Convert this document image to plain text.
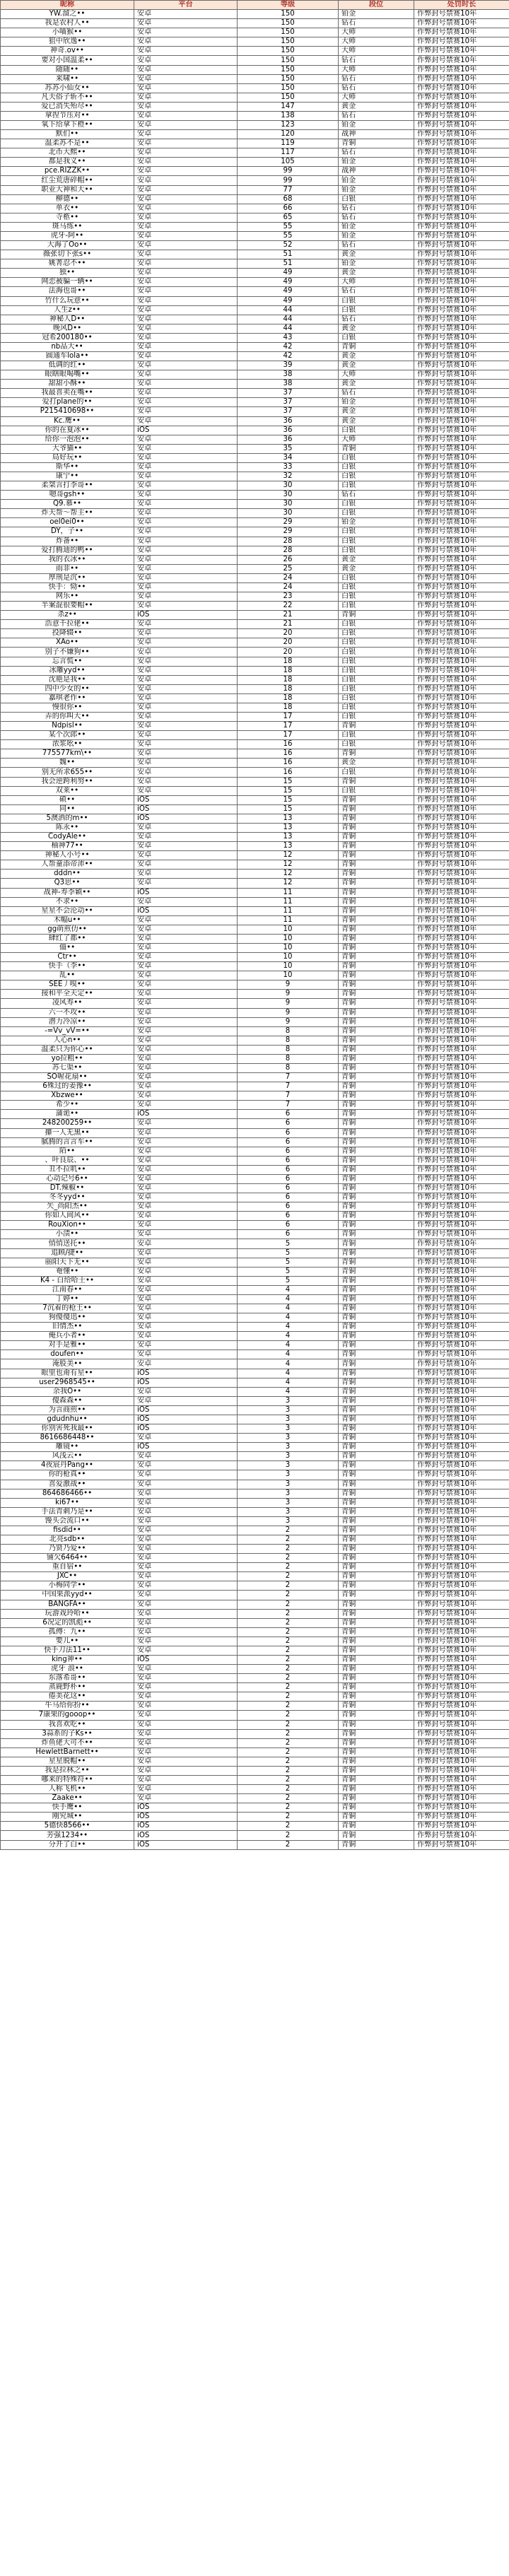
昵称	平台	等级	段位	处罚时长
YW.溜之••	安卓	150	铂金	作弊封号禁赛10年
我是农村人••	安卓	150	钻石	作弊封号禁赛10年
小喵猴••	安卓	150	大师	作弊封号禁赛10年
狙中欣逸••	安卓	150	大师	作弊封号禁赛10年
神奇.ov••	安卓	150	大师	作弊封号禁赛10年
要对小国温柔••	安卓	150	钻石	作弊封号禁赛10年
随随••	安卓	150	大师	作弊封号禁赛10年
来啸••	安卓	150	钻石	作弊封号禁赛10年
苏苏小仙女••	安卓	150	钻石	作弊封号禁赛10年
凡夫俗子斩不••	安卓	150	大师	作弊封号禁赛10年
爱已消失殆尽••	安卓	147	黄金	作弊封号禁赛10年
拿捏节压对••	安卓	138	钻石	作弊封号禁赛10年
氧下给拿下橙••	安卓	123	铂金	作弊封号禁赛10年
默们••	安卓	120	战神	作弊封号禁赛10年
温柔苏不是••	安卓	119	青铜	作弊封号禁赛10年
北币大熙••	安卓	117	钻石	作弊封号禁赛10年
都是我义••	安卓	105	铂金	作弊封号禁赛10年
pce.RIZZK••	安卓	99	战神	作弊封号禁赛10年
红尘荒唐碎帽••	安卓	99	铂金	作弊封号禁赛10年
职业大神和大••	安卓	77	铂金	作弊封号禁赛10年
柳德••	安卓	68	白银	作弊封号禁赛10年
单衣••	安卓	66	钻石	作弊封号禁赛10年
寺柩••	安卓	65	钻石	作弊封号禁赛10年
斑马练••	安卓	55	铂金	作弊封号禁赛10年
虎牙-阿••	安卓	55	铂金	作弊封号禁赛10年
大海了Oo••	安卓	52	钻石	作弊封号禁赛10年
薇张切下张s••	安卓	51	黄金	作弊封号禁赛10年
姚菁忍不••	安卓	51	铂金	作弊封号禁赛10年
独••	安卓	49	黄金	作弊封号禁赛10年
网恋被骗一辆••	安卓	49	大师	作弊封号禁赛10年
法海也哥••	安卓	49	钻石	作弊封号禁赛10年
竹什么玩意••	安卓	49	白银	作弊封号禁赛10年
人生z••	安卓	44	白银	作弊封号禁赛10年
神秘人D••	安卓	44	钻石	作弊封号禁赛10年
晚风D••	安卓	44	黄金	作弊封号禁赛10年
冠希200180••	安卓	43	白银	作弊封号禁赛10年
nb品大••	安卓	42	青铜	作弊封号禁赛10年
圆通车lola••	安卓	42	黄金	作弊封号禁赛10年
低调的红••	安卓	39	黄金	作弊封号禁赛10年
眼瞎眼喝嘴••	安卓	38	大师	作弊封号禁赛10年
甜甜小酥••	安卓	38	黄金	作弊封号禁赛10年
我最喜卖在嘴••	安卓	37	钻石	作弊封号禁赛10年
爱打plane的••	安卓	37	铂金	作弊封号禁赛10年
P215410698••	安卓	37	黄金	作弊封号禁赛10年
Kc.鹰••	安卓	36	黄金	作弊封号禁赛10年
你的在夏冰••	iOS	36	白银	作弊封号禁赛10年
给你一泡泡••	安卓	36	大师	作弊封号禁赛10年
大爷猫••	安卓	35	青铜	作弊封号禁赛10年
局好玩••	安卓	34	白银	作弊封号禁赛10年
斯华••	安卓	33	白银	作弊封号禁赛10年
康宁••	安卓	32	白银	作弊封号禁赛10年
柔桀言打李哥••	安卓	30	白银	作弊封号禁赛10年
嗯哥gsh••	安卓	30	钻石	作弊封号禁赛10年
Q9.慕••	安卓	30	白银	作弊封号禁赛10年
炸天帮～帮主••	安卓	30	白银	作弊封号禁赛10年
oel0ei0••	安卓	29	铂金	作弊封号禁赛10年
DY，子••	安卓	29	白银	作弊封号禁赛10年
炸备••	安卓	28	白银	作弊封号禁赛10年
爱打腾迪的鸭••	安卓	28	白银	作弊封号禁赛10年
我的衣冰••	安卓	26	黄金	作弊封号禁赛10年
雨菲••	安卓	25	黄金	作弊封号禁赛10年
厚刑是沉••	安卓	24	白银	作弊封号禁赛10年
快手：恸••	安卓	24	白银	作弊封号禁赛10年
网乐••	安卓	23	白银	作弊封号禁赛10年
半案混很要帽••	安卓	22	白银	作弊封号禁赛10年
杀z••	iOS	21	青铜	作弊封号禁赛10年
浩意千拉佬••	安卓	21	白银	作弊封号禁赛10年
投降辍••	安卓	20	白银	作弊封号禁赛10年
XAo••	安卓	20	白银	作弊封号禁赛10年
别子不嫌狗••	安卓	20	白银	作弊封号禁赛10年
忘言慌••	安卓	18	白银	作弊封号禁赛10年
冰雕yyd••	安卓	18	白银	作弊封号禁赛10年
沈艳是我••	安卓	18	白银	作弊封号禁赛10年
四中少女的••	安卓	18	白银	作弊封号禁赛10年
嘉琪老作••	安卓	18	白银	作弊封号禁赛10年
慢很你••	安卓	18	白银	作弊封号禁赛10年
弄的你叫大••	安卓	17	白银	作弊封号禁赛10年
Ndpisl••	安卓	17	青铜	作弊封号禁赛10年
某个次郎••	安卓	17	白银	作弊封号禁赛10年
浓浆吆••	安卓	16	白银	作弊封号禁赛10年
775577km\••	安卓	16	青铜	作弊封号禁赛10年
魏••	安卓	16	黄金	作弊封号禁赛10年
别无所求655••	安卓	16	白银	作弊封号禁赛10年
我会逆跨利努••	安卓	15	青铜	作弊封号禁赛10年
双莱••	安卓	15	白银	作弊封号禁赛10年
硕••	iOS	15	青铜	作弊封号禁赛10年
同••	iOS	15	青铜	作弊封号禁赛10年
5澳洒的m••	iOS	13	青铜	作弊封号禁赛10年
陈永••	安卓	13	青铜	作弊封号禁赛10年
CodyAle••	安卓	13	青铜	作弊封号禁赛10年
柚神77••	安卓	13	青铜	作弊封号禁赛10年
神秘人小号••	安卓	12	青铜	作弊封号禁赛10年
人帮童添帝沛••	安卓	12	青铜	作弊封号禁赛10年
dddn••	安卓	12	青铜	作弊封号禁赛10年
Q3思••	安卓	12	青铜	作弊封号禁赛10年
战神-寿李颖••	iOS	11	青铜	作弊封号禁赛10年
不求••	安卓	11	青铜	作弊封号禁赛10年
星星不会沦动••	iOS	11	青铜	作弊封号禁赛10年
木幅u••	安卓	11	青铜	作弊封号禁赛10年
gg萌煎仂••	安卓	10	青铜	作弊封号禁赛10年
肆红了都••	安卓	10	青铜	作弊封号禁赛10年
僵••	安卓	10	青铜	作弊封号禁赛10年
Ctr••	安卓	10	青铜	作弊封号禁赛10年
快手（李••	安卓	10	青铜	作弊封号禁赛10年
乱••	安卓	10	青铜	作弊封号禁赛10年
SEE丿嗅••	安卓	9	青铜	作弊封号禁赛10年
接和平全天定••	安卓	9	青铜	作弊封号禁赛10年
凌风寿••	安卓	9	青铜	作弊封号禁赛10年
六一不攻••	安卓	9	青铜	作弊封号禁赛10年
潜力冷凉••	安卓	9	青铜	作弊封号禁赛10年
-=Vv_vV=••	安卓	8	青铜	作弊封号禁赛10年
人心n••	安卓	8	青铜	作弊封号禁赛10年
温柔只为你心••	安卓	8	青铜	作弊封号禁赛10年
yo拉粗••	安卓	8	青铜	作弊封号禁赛10年
苏七渠••	安卓	8	青铜	作弊封号禁赛10年
SO喔花扇••	安卓	7	青铜	作弊封号禁赛10年
6殊过的姜豫••	安卓	7	青铜	作弊封号禁赛10年
Xbzwe••	安卓	7	青铜	作弊封号禁赛10年
希少••	安卓	7	青铜	作弊封号禁赛10年
蒲诡••	iOS	6	青铜	作弊封号禁赛10年
248200259••	安卓	6	青铜	作弊封号禁赛10年
攥一人无黑••	安卓	6	青铜	作弊封号禁赛10年
腻腾的言言车••	安卓	6	青铜	作弊封号禁赛10年
陌••	安卓	6	青铜	作弊封号禁赛10年
、叶良辰、••	安卓	6	青铜	作弊封号禁赛10年
丑不拉叽••	安卓	6	青铜	作弊封号禁赛10年
心动记号6••	安卓	6	青铜	作弊封号禁赛10年
DT.辣椒••	安卓	6	青铜	作弊封号禁赛10年
冬冬yyd••	安卓	6	青铜	作弊封号禁赛10年
矢_尚阳杰••	安卓	6	青铜	作弊封号禁赛10年
你如人间风••	安卓	6	青铜	作弊封号禁赛10年
RouXion••	安卓	6	青铜	作弊封号禁赛10年
小渍••	安卓	6	青铜	作弊封号禁赛10年
悄悄送托••	安卓	5	青铜	作弊封号禁赛10年
追顾/捷••	安卓	5	青铜	作弊封号禁赛10年
丽阳天下无••	安卓	5	青铜	作弊封号禁赛10年
奄懂••	安卓	5	青铜	作弊封号禁赛10年
K4 - 白给哈士••	安卓	5	青铜	作弊封号禁赛10年
江南春••	安卓	4	青铜	作弊封号禁赛10年
丁婷••	安卓	4	青铜	作弊封号禁赛10年
7沉着的枪王••	安卓	4	青铜	作弊封号禁赛10年
狗傻傻迅••	安卓	4	青铜	作弊封号禁赛10年
旧情杰••	安卓	4	青铜	作弊封号禁赛10年
俺兵小者••	安卓	4	青铜	作弊封号禁赛10年
对手是雅••	安卓	4	青铜	作弊封号禁赛10年
doufen••	安卓	4	青铜	作弊封号禁赛10年
淹股美••	安卓	4	青铜	作弊封号禁赛10年
眼里也甭有星••	iOS	4	青铜	作弊封号禁赛10年
user2968545••	iOS	4	青铜	作弊封号禁赛10年
余我O••	安卓	4	青铜	作弊封号禁赛10年
傻森森••	安卓	3	青铜	作弊封号禁赛10年
为言商煎••	iOS	3	青铜	作弊封号禁赛10年
gdudnhu••	iOS	3	青铜	作弊封号禁赛10年
你别害死我最••	iOS	3	青铜	作弊封号禁赛10年
8616686448••	安卓	3	青铜	作弊封号禁赛10年
雕镜••	iOS	3	青铜	作弊封号禁赛10年
风浅云••	安卓	3	青铜	作弊封号禁赛10年
4夜宸丹Pang••	安卓	3	青铜	作弊封号禁赛10年
你的枪真••	安卓	3	青铜	作弊封号禁赛10年
喜爱激战••	安卓	3	青铜	作弊封号禁赛10年
864686466••	安卓	3	青铜	作弊封号禁赛10年
ki67••	安卓	3	青铜	作弊封号禁赛10年
手法青刺乃是••	安卓	3	青铜	作弊封号禁赛10年
馒头会流口••	安卓	3	青铜	作弊封号禁赛10年
fisdid••	安卓	2	青铜	作弊封号禁赛10年
北亮sdb••	安卓	2	青铜	作弊封号禁赛10年
乃贤乃爱••	安卓	2	青铜	作弊封号禁赛10年
铺欠6464••	安卓	2	青铜	作弊封号禁赛10年
重自宿••	安卓	2	青铜	作弊封号禁赛10年
JXC••	安卓	2	青铜	作弊封号禁赛10年
小梅同学••	安卓	2	青铜	作弊封号禁赛10年
中国果派yyd••	安卓	2	青铜	作弊封号禁赛10年
BANGFA••	安卓	2	青铜	作弊封号禁赛10年
玩游戏玲哈••	安卓	2	青铜	作弊封号禁赛10年
6况定的凯彪••	安卓	2	青铜	作弊封号禁赛10年
孤傅：九••	安卓	2	青铜	作弊封号禁赛10年
要儿••	安卓	2	青铜	作弊封号禁赛10年
快手刀法11••	安卓	2	青铜	作弊封号禁赛10年
king神••	iOS	2	青铜	作弊封号禁赛10年
虎牙 浪••	安卓	2	青铜	作弊封号禁赛10年
东落希哥••	安卓	2	青铜	作弊封号禁赛10年
蒸鹿野朴••	安卓	2	青铜	作弊封号禁赛10年
倦美花这••	安卓	2	青铜	作弊封号禁赛10年
牛马给你扮••	安卓	2	青铜	作弊封号禁赛10年
7康果的gooop••	安卓	2	青铜	作弊封号禁赛10年
我喜欢吃••	安卓	2	青铜	作弊封号禁赛10年
3蒜系的子Ks••	安卓	2	青铜	作弊封号禁赛10年
炸鱼佬大可不••	安卓	2	青铜	作弊封号禁赛10年
HewlettBarnett••	安卓	2	青铜	作弊封号禁赛10年
星星脱帽••	安卓	2	青铜	作弊封号禁赛10年
我是拉林之••	安卓	2	青铜	作弊封号禁赛10年
哪来的特殊符••	安卓	2	青铜	作弊封号禁赛10年
人称飞机••	安卓	2	青铜	作弊封号禁赛10年
Zaake••	安卓	2	青铜	作弊封号禁赛10年
快手鹰••	iOS	2	青铜	作弊封号禁赛10年
刚究城••	iOS	2	青铜	作弊封号禁赛10年
5德快8566••	iOS	2	青铜	作弊封号禁赛10年
芳强1234••	iOS	2	青铜	作弊封号禁赛10年
分开了白••	iOS	2	青铜	作弊封号禁赛10年
